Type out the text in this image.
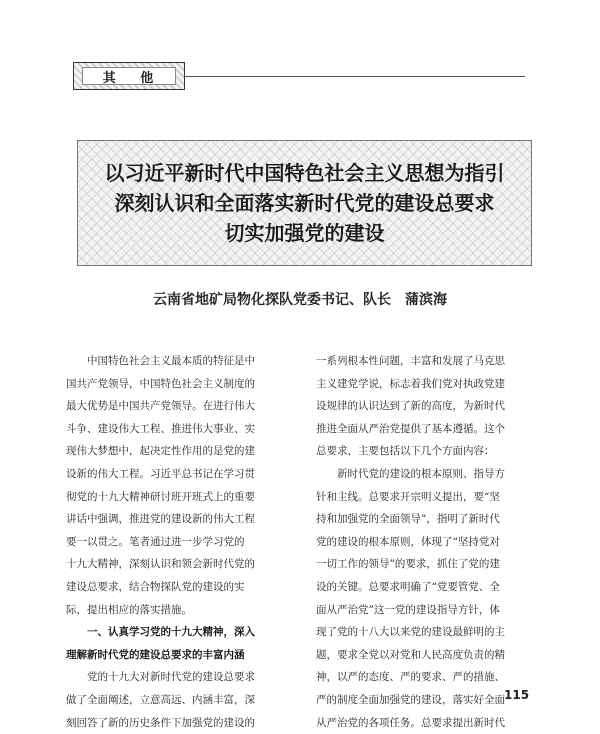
其 他
以习近平新时代中国特色社会主义思想为指引
深刻认识和全面落实新时代党的建设总要求
切实加强党的建设
云南省地矿局物化探队党委书记、队长　蒲滨海
中国特色社会主义最本质的特征是中
国共产党领导，中国特色社会主义制度的
最大优势是中国共产党领导。在进行伟大
斗争、建设伟大工程、推进伟大事业、实
现伟大梦想中，起决定性作用的是党的建
设新的伟大工程。习近平总书记在学习贯
彻党的十九大精神研讨班开班式上的重要
讲话中强调，推进党的建设新的伟大工程
要一以贯之。笔者通过进一步学习党的
十九大精神，深刻认识和领会新时代党的
建设总要求，结合物探队党的建设的实
际，提出相应的落实措施。
一、认真学习党的十九大精神，深入
理解新时代党的建设总要求的丰富内涵
党的十九大对新时代党的建设总要求
做了全面阐述，立意高远、内涵丰富，深
刻回答了新的历史条件下加强党的建设的
一系列根本性问题，丰富和发展了马克思
主义建党学说，标志着我们党对执政党建
设规律的认识达到了新的高度，为新时代
推进全面从严治党提供了基本遵循。这个
总要求，主要包括以下几个方面内容：
新时代党的建设的根本原则、指导方
针和主线。总要求开宗明义提出，要“坚
持和加强党的全面领导”，指明了新时代
党的建设的根本原则，体现了“坚持党对
一切工作的领导”的要求，抓住了党的建
设的关键。总要求明确了“党要管党、全
面从严治党”这一党的建设指导方针，体
现了党的十八大以来党的建设最鲜明的主
题，要求全党以对党和人民高度负责的精
神，以严的态度、严的要求、严的措施、
严的制度全面加强党的建设，落实好全面
从严治党的各项任务。总要求提出新时代
115
